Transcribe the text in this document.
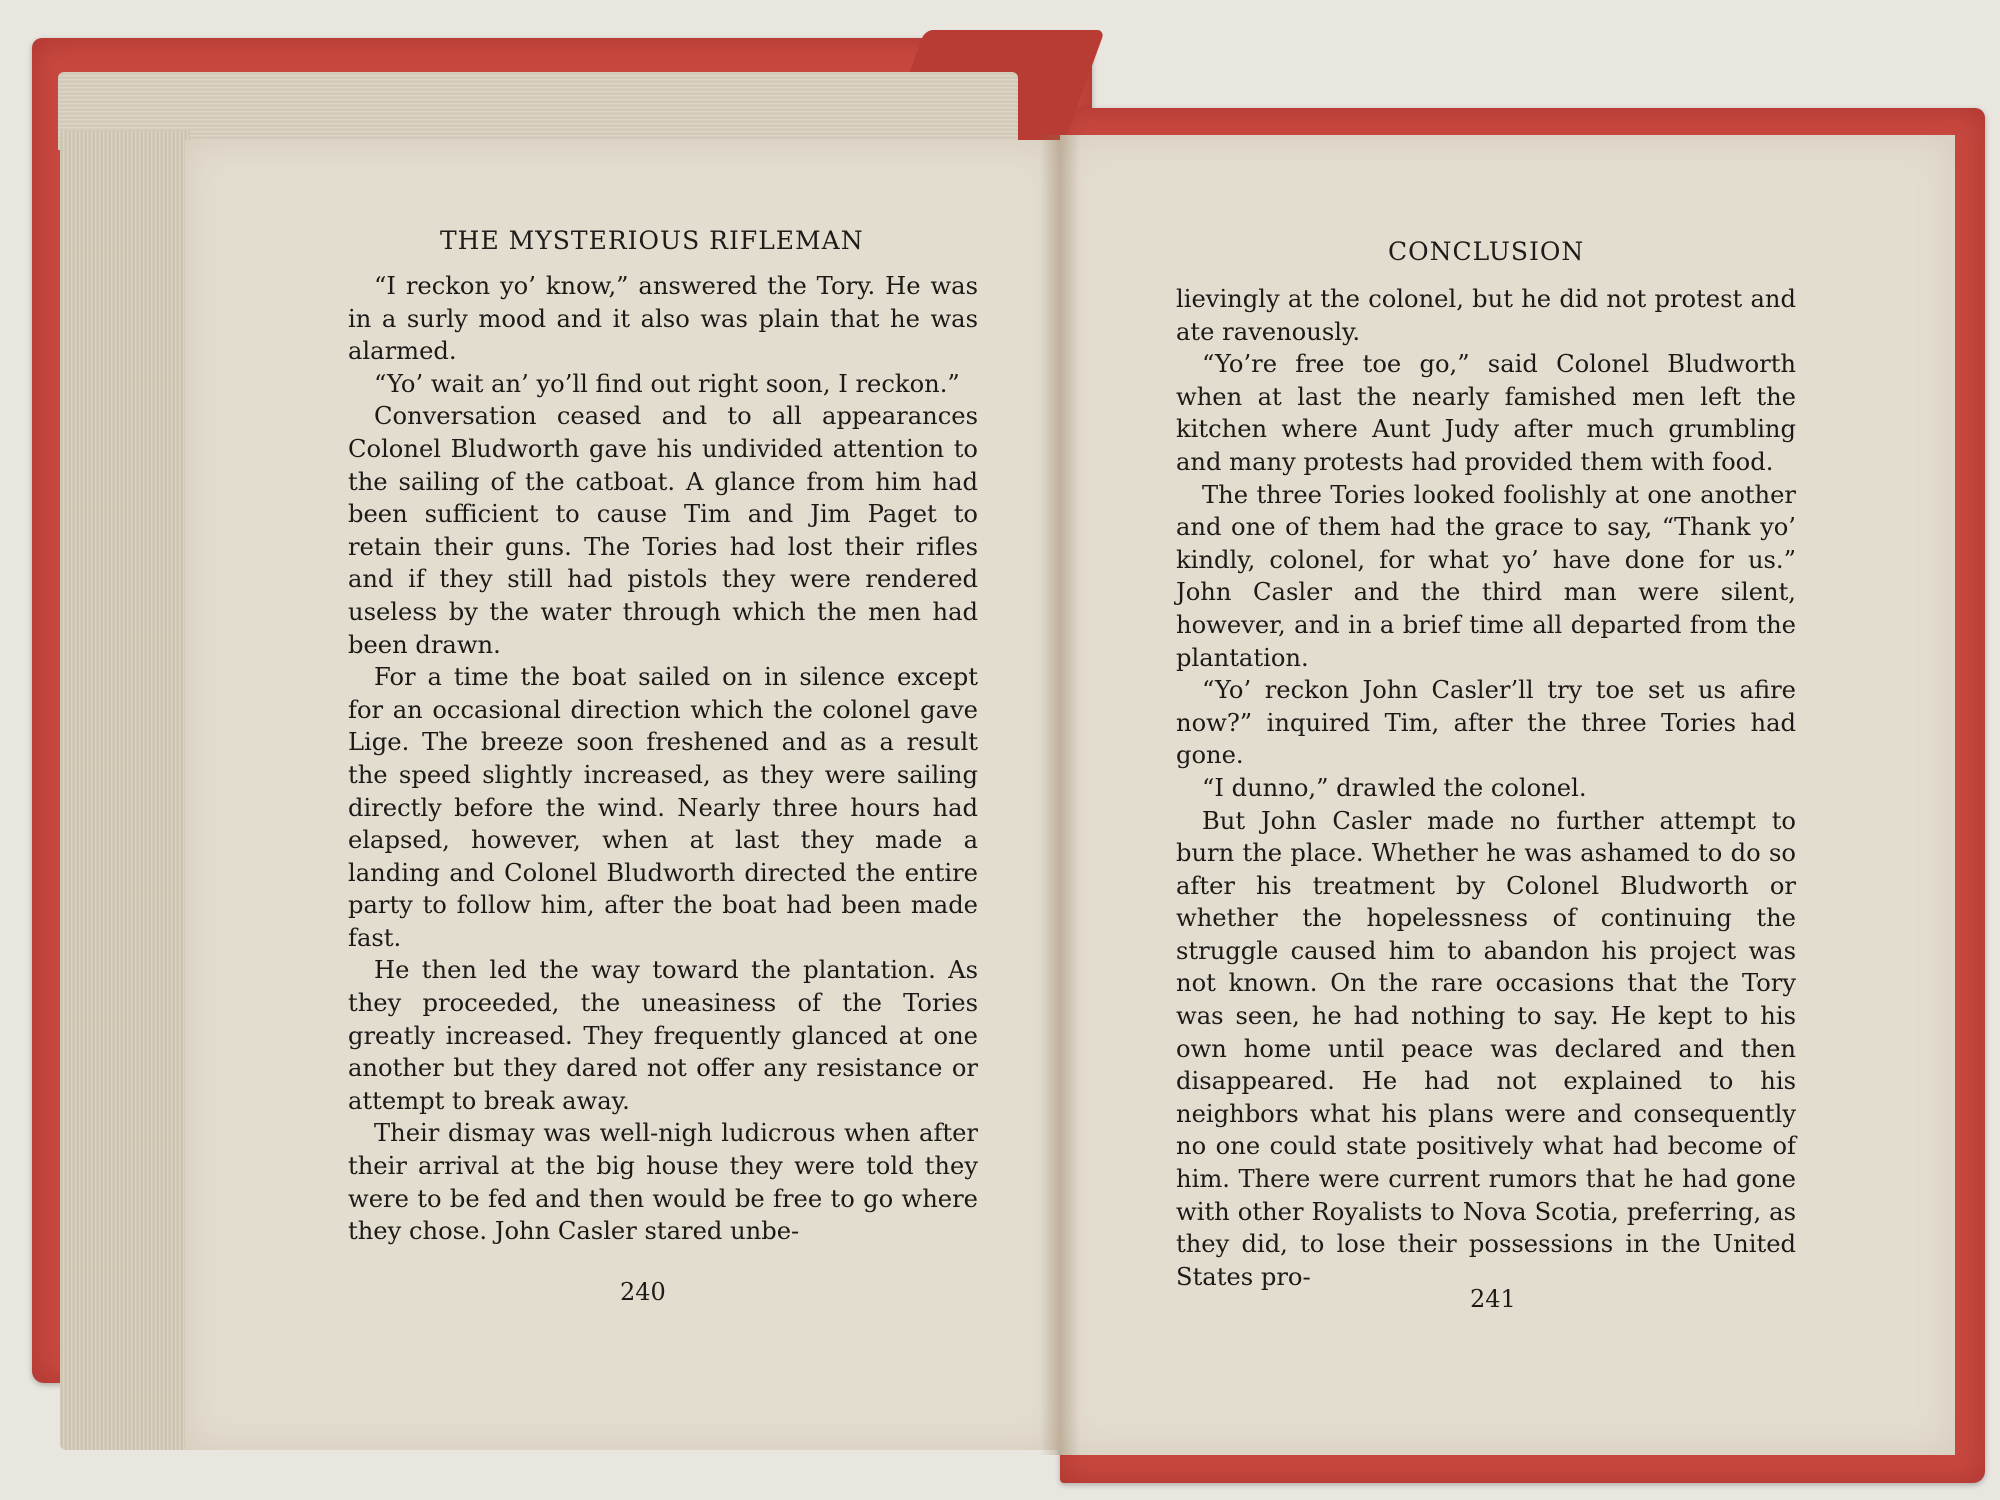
THE MYSTERIOUS RIFLEMAN

“I reckon yo’ know,” answered the Tory. He was in a surly mood and it also was plain that he was alarmed.

“Yo’ wait an’ yo’ll find out right soon, I reckon.”

Conversation ceased and to all appearances Colonel Bludworth gave his undivided attention to the sailing of the catboat. A glance from him had been sufficient to cause Tim and Jim Paget to retain their guns. The Tories had lost their rifles and if they still had pistols they were rendered useless by the water through which the men had been drawn.

For a time the boat sailed on in silence except for an occasional direction which the colonel gave Lige. The breeze soon freshened and as a result the speed slightly increased, as they were sailing directly before the wind. Nearly three hours had elapsed, however, when at last they made a landing and Colonel Bludworth directed the entire party to follow him, after the boat had been made fast.

He then led the way toward the plantation. As they proceeded, the uneasiness of the Tories greatly increased. They frequently glanced at one another but they dared not offer any resistance or attempt to break away.

Their dismay was well-nigh ludicrous when after their arrival at the big house they were told they were to be fed and then would be free to go where they chose. John Casler stared unbe-

240
CONCLUSION

lievingly at the colonel, but he did not protest and ate ravenously.

“Yo’re free toe go,” said Colonel Bludworth when at last the nearly famished men left the kitchen where Aunt Judy after much grumbling and many protests had provided them with food.

The three Tories looked foolishly at one another and one of them had the grace to say, “Thank yo’ kindly, colonel, for what yo’ have done for us.” John Casler and the third man were silent, however, and in a brief time all departed from the plantation.

“Yo’ reckon John Casler’ll try toe set us afire now?” inquired Tim, after the three Tories had gone.

“I dunno,” drawled the colonel.

But John Casler made no further attempt to burn the place. Whether he was ashamed to do so after his treatment by Colonel Bludworth or whether the hopelessness of continuing the struggle caused him to abandon his project was not known. On the rare occasions that the Tory was seen, he had nothing to say. He kept to his own home until peace was declared and then disappeared. He had not explained to his neighbors what his plans were and consequently no one could state positively what had become of him. There were current rumors that he had gone with other Royalists to Nova Scotia, preferring, as they did, to lose their possessions in the United States pro-

241
